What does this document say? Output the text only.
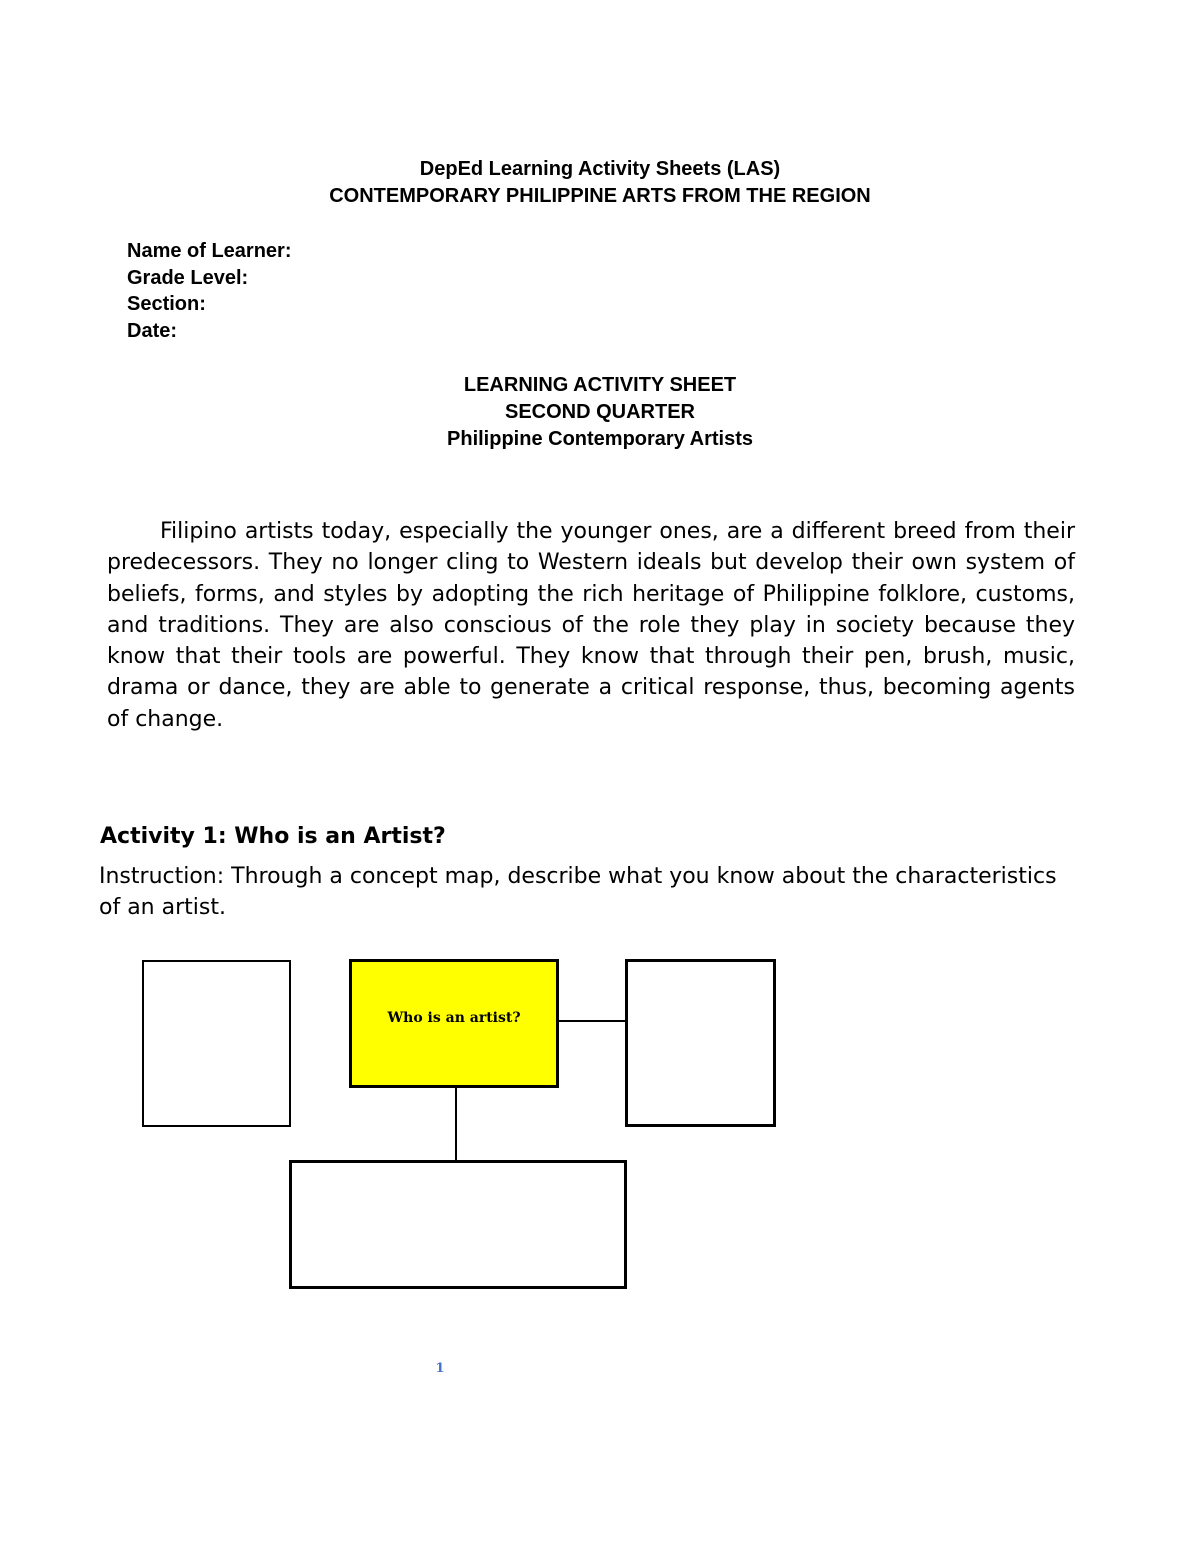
DepEd Learning Activity Sheets (LAS)
CONTEMPORARY PHILIPPINE ARTS FROM THE REGION
Name of Learner:
Grade Level:
Section:
Date:
LEARNING ACTIVITY SHEET
SECOND QUARTER
Philippine Contemporary Artists

Filipino artists today, especially the younger ones, are a different breed from their predecessors. They no longer cling to Western ideals but develop their own system of beliefs, forms, and styles by adopting the rich heritage of Philippine folklore, customs, and traditions. They are also conscious of the role they play in society because they know that their tools are powerful. They know that through their pen, brush, music, drama or dance, they are able to generate a critical response, thus, becoming agents of change.

Activity 1: Who is an Artist?

Instruction: Through a concept map, describe what you know about the characteristics of an artist.

Who is an artist?
1
